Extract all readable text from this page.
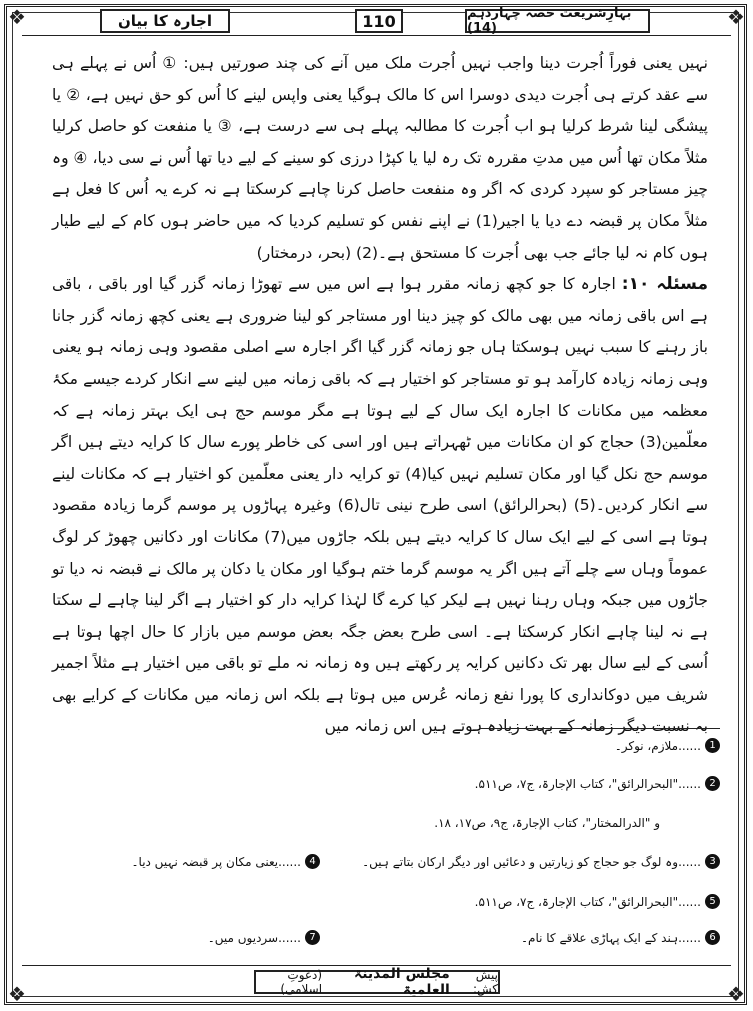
❖	❖
❖	❖
اجارہ کا بیان	110	بہارِشریعت حصہ چہاردہم (14)

نہیں یعنی فوراً اُجرت دینا واجب نہیں اُجرت ملک میں آنے کی چند صورتیں ہیں: ① اُس نے پہلے ہی سے عقد کرتے ہی اُجرت دیدی دوسرا اس کا مالک ہوگیا یعنی واپس لینے کا اُس کو حق نہیں ہے، ② یا پیشگی لینا شرط کرلیا ہو اب اُجرت کا مطالبہ پہلے ہی سے درست ہے، ③ یا منفعت کو حاصل کرلیا مثلاً مکان تھا اُس میں مدتِ مقررہ تک رہ لیا یا کپڑا درزی کو سینے کے لیے دیا تھا اُس نے سی دیا، ④ وہ چیز مستاجر کو سپرد کردی کہ اگر وہ منفعت حاصل کرنا چاہے کرسکتا ہے نہ کرے یہ اُس کا فعل ہے مثلاً مکان پر قبضہ دے دیا یا اجیر(1) نے اپنے نفس کو تسلیم کردیا کہ میں حاضر ہوں کام کے لیے طیار ہوں کام نہ لیا جائے جب بھی اُجرت کا مستحق ہے۔(2) (بحر، درمختار)

مسئلہ ۱۰: اجارہ کا جو کچھ زمانہ مقرر ہوا ہے اس میں سے تھوڑا زمانہ گزر گیا اور باقی ، باقی ہے اس باقی زمانہ میں بھی مالک کو چیز دینا اور مستاجر کو لینا ضروری ہے یعنی کچھ زمانہ گزر جانا باز رہنے کا سبب نہیں ہوسکتا ہاں جو زمانہ گزر گیا اگر اجارہ سے اصلی مقصود وہی زمانہ ہو یعنی وہی زمانہ زیادہ کارآمد ہو تو مستاجر کو اختیار ہے کہ باقی زمانہ میں لینے سے انکار کردے جیسے مکۂ معظمہ میں مکانات کا اجارہ ایک سال کے لیے ہوتا ہے مگر موسم حج ہی ایک بہتر زمانہ ہے کہ معلّمین(3) حجاج کو ان مکانات میں ٹھہراتے ہیں اور اسی کی خاطر پورے سال کا کرایہ دیتے ہیں اگر موسم حج نکل گیا اور مکان تسلیم نہیں کیا(4) تو کرایہ دار یعنی معلّمین کو اختیار ہے کہ مکانات لینے سے انکار کردیں۔(5) (بحرالرائق) اسی طرح نینی تال(6) وغیرہ پہاڑوں پر موسم گرما زیادہ مقصود ہوتا ہے اسی کے لیے ایک سال کا کرایہ دیتے ہیں بلکہ جاڑوں میں(7) مکانات اور دکانیں چھوڑ کر لوگ عموماً وہاں سے چلے آتے ہیں اگر یہ موسم گرما ختم ہوگیا اور مکان یا دکان پر مالک نے قبضہ نہ دیا تو جاڑوں میں جبکہ وہاں رہنا نہیں ہے لیکر کیا کرے گا لہٰذا کرایہ دار کو اختیار ہے اگر لینا چاہے لے سکتا ہے نہ لینا چاہے انکار کرسکتا ہے۔ اسی طرح بعض جگہ بعض موسم میں بازار کا حال اچھا ہوتا ہے اُسی کے لیے سال بھر تک دکانیں کرایہ پر رکھتے ہیں وہ زمانہ نہ ملے تو باقی میں اختیار ہے مثلاً اجمیر شریف میں دوکانداری کا پورا نفع زمانہ عُرس میں ہوتا ہے بلکہ اس زمانہ میں مکانات کے کرایے بھی بہ نسبت دیگر زمانہ کے بہت زیادہ ہوتے ہیں اس زمانہ میں

1
......ملازم، نوکر۔
2
......"البحرالرائق"، کتاب الإجارۃ، ج۷، ص۵۱۱.
و "الدرالمختار"، کتاب الإجارۃ، ج۹، ص۱۷، ۱۸.
3
......وہ لوگ جو حجاج کو زیارتیں و دعائیں اور دیگر ارکان بتاتے ہیں۔
4
......یعنی مکان پر قبضہ نہیں دیا۔
5
......"البحرالرائق"، کتاب الإجارۃ، ج۷، ص۵۱۱.
6
......ہند کے ایک پہاڑی علاقے کا نام۔
7
......سردیوں میں۔
پیش کش:
مجلس المدینۃ العلمیۃ
(دعوتِ اسلامی)
